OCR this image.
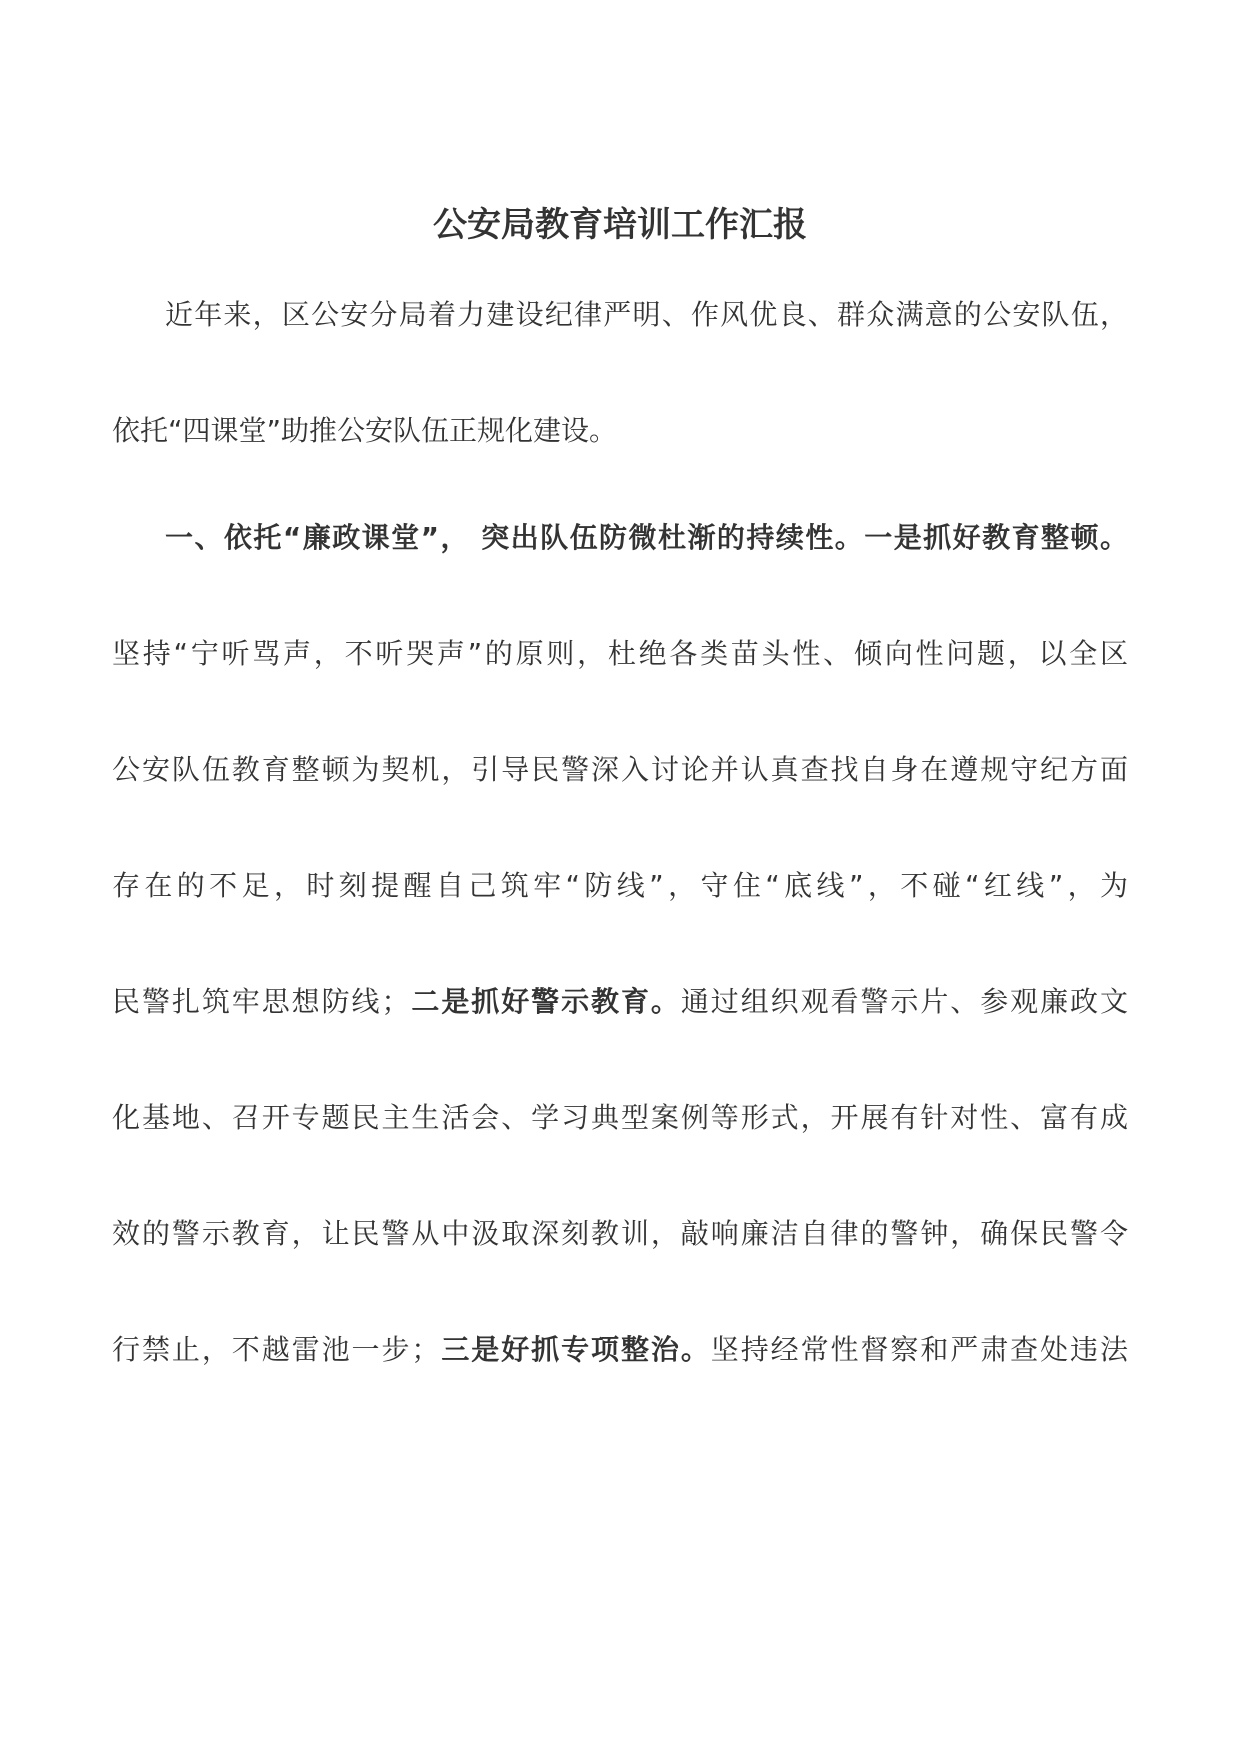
公安局教育培训工作汇报
近年来，区公安分局着力建设纪律严明、作风优良、群众满意的公安队伍，
依托“四课堂”助推公安队伍正规化建设。
一、依托“廉政课堂”， 突出队伍防微杜渐的持续性。一是抓好教育整顿。
坚持“宁听骂声，不听哭声”的原则，杜绝各类苗头性、倾向性问题，以全区
公安队伍教育整顿为契机，引导民警深入讨论并认真查找自身在遵规守纪方面
存在的不足，时刻提醒自己筑牢“防线”，守住“底线”，不碰“红线”，为
民警扎筑牢思想防线；二是抓好警示教育。通过组织观看警示片、参观廉政文
化基地、召开专题民主生活会、学习典型案例等形式，开展有针对性、富有成
效的警示教育，让民警从中汲取深刻教训，敲响廉洁自律的警钟，确保民警令
行禁止，不越雷池一步；三是好抓专项整治。坚持经常性督察和严肃查处违法
